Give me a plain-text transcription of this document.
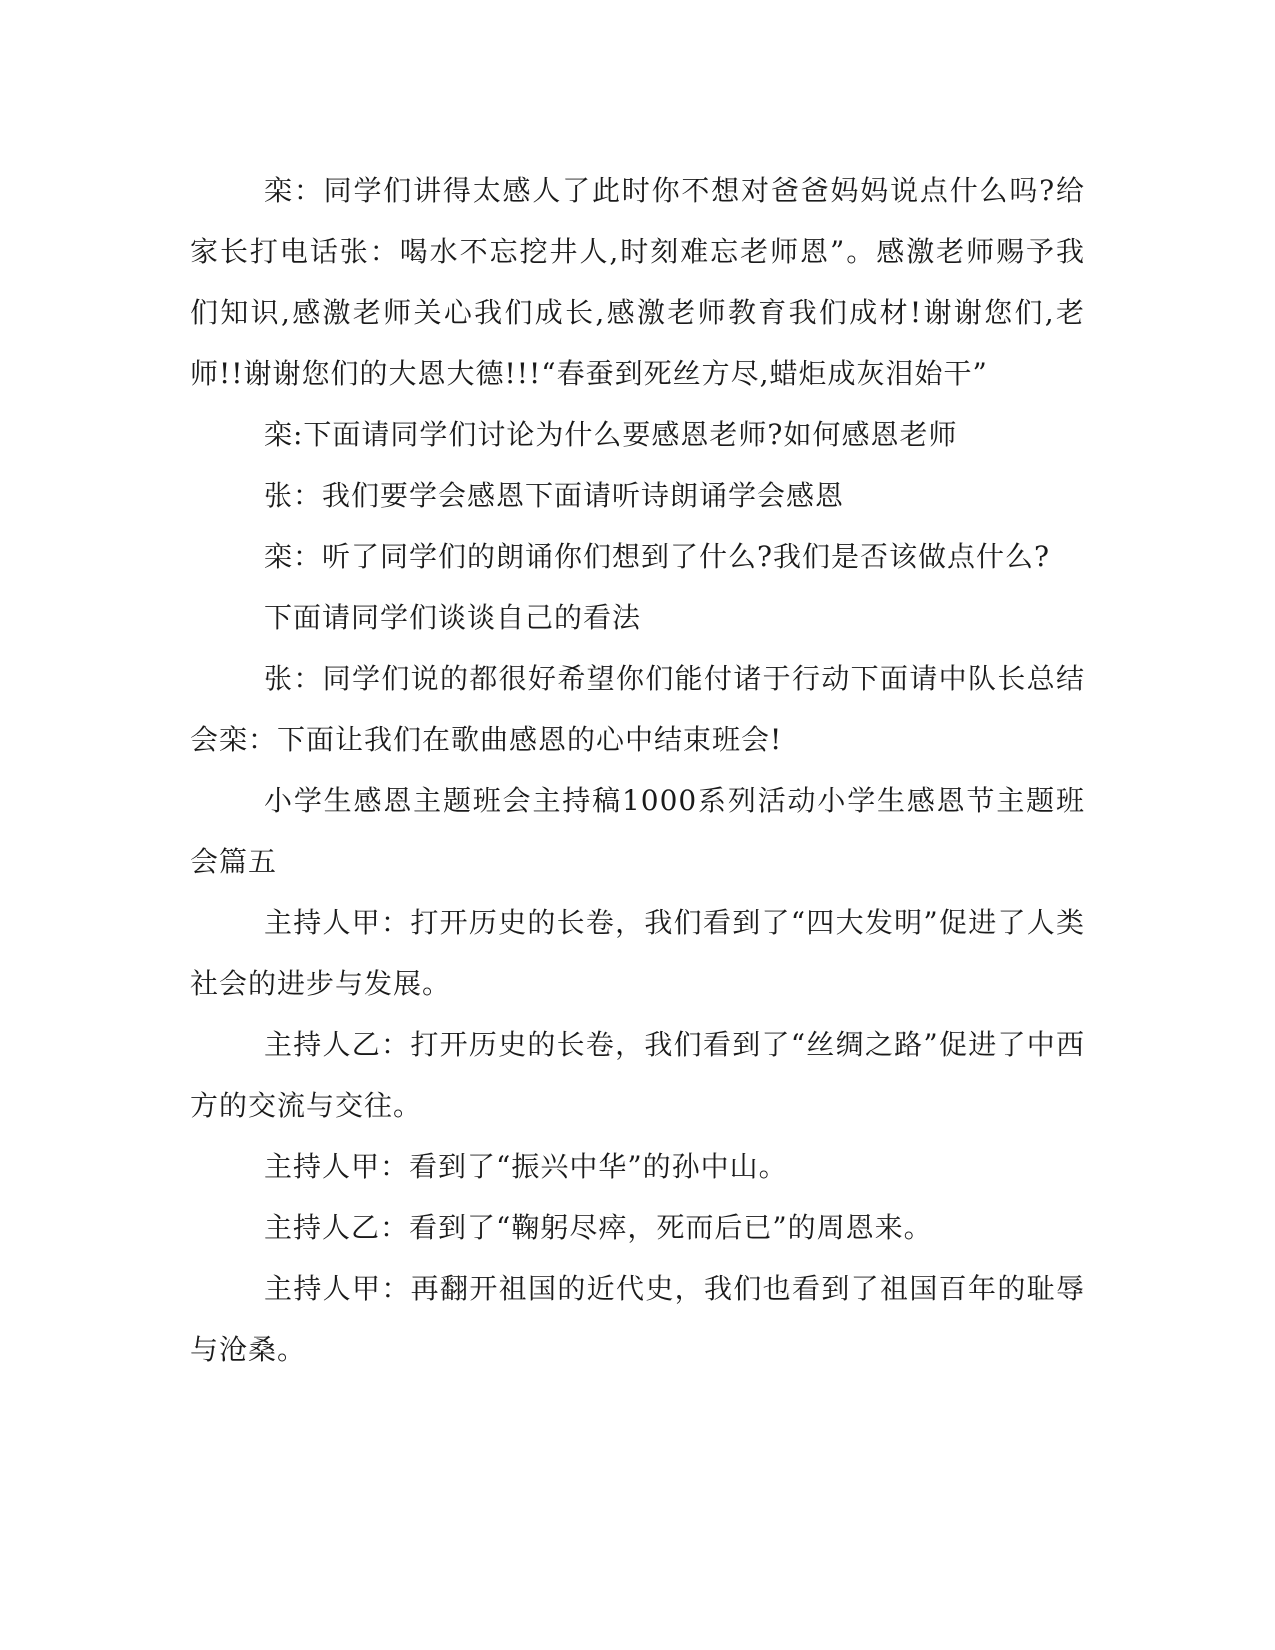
栾：同学们讲得太感人了此时你不想对爸爸妈妈说点什么吗?给家长打电话张：喝水不忘挖井人,时刻难忘老师恩”。感激老师赐予我们知识,感激老师关心我们成长,感激老师教育我们成材!谢谢您们,老师!!谢谢您们的大恩大德!!!“春蚕到死丝方尽,蜡炬成灰泪始干”

栾:下面请同学们讨论为什么要感恩老师?如何感恩老师

张：我们要学会感恩下面请听诗朗诵学会感恩

栾：听了同学们的朗诵你们想到了什么?我们是否该做点什么?

下面请同学们谈谈自己的看法

张：同学们说的都很好希望你们能付诸于行动下面请中队长总结会栾：下面让我们在歌曲感恩的心中结束班会!

小学生感恩主题班会主持稿1000系列活动小学生感恩节主题班会篇五

主持人甲：打开历史的长卷，我们看到了“四大发明”促进了人类社会的进步与发展。

主持人乙：打开历史的长卷，我们看到了“丝绸之路”促进了中西方的交流与交往。

主持人甲：看到了“振兴中华”的孙中山。

主持人乙：看到了“鞠躬尽瘁，死而后已”的周恩来。

主持人甲：再翻开祖国的近代史，我们也看到了祖国百年的耻辱与沧桑。
